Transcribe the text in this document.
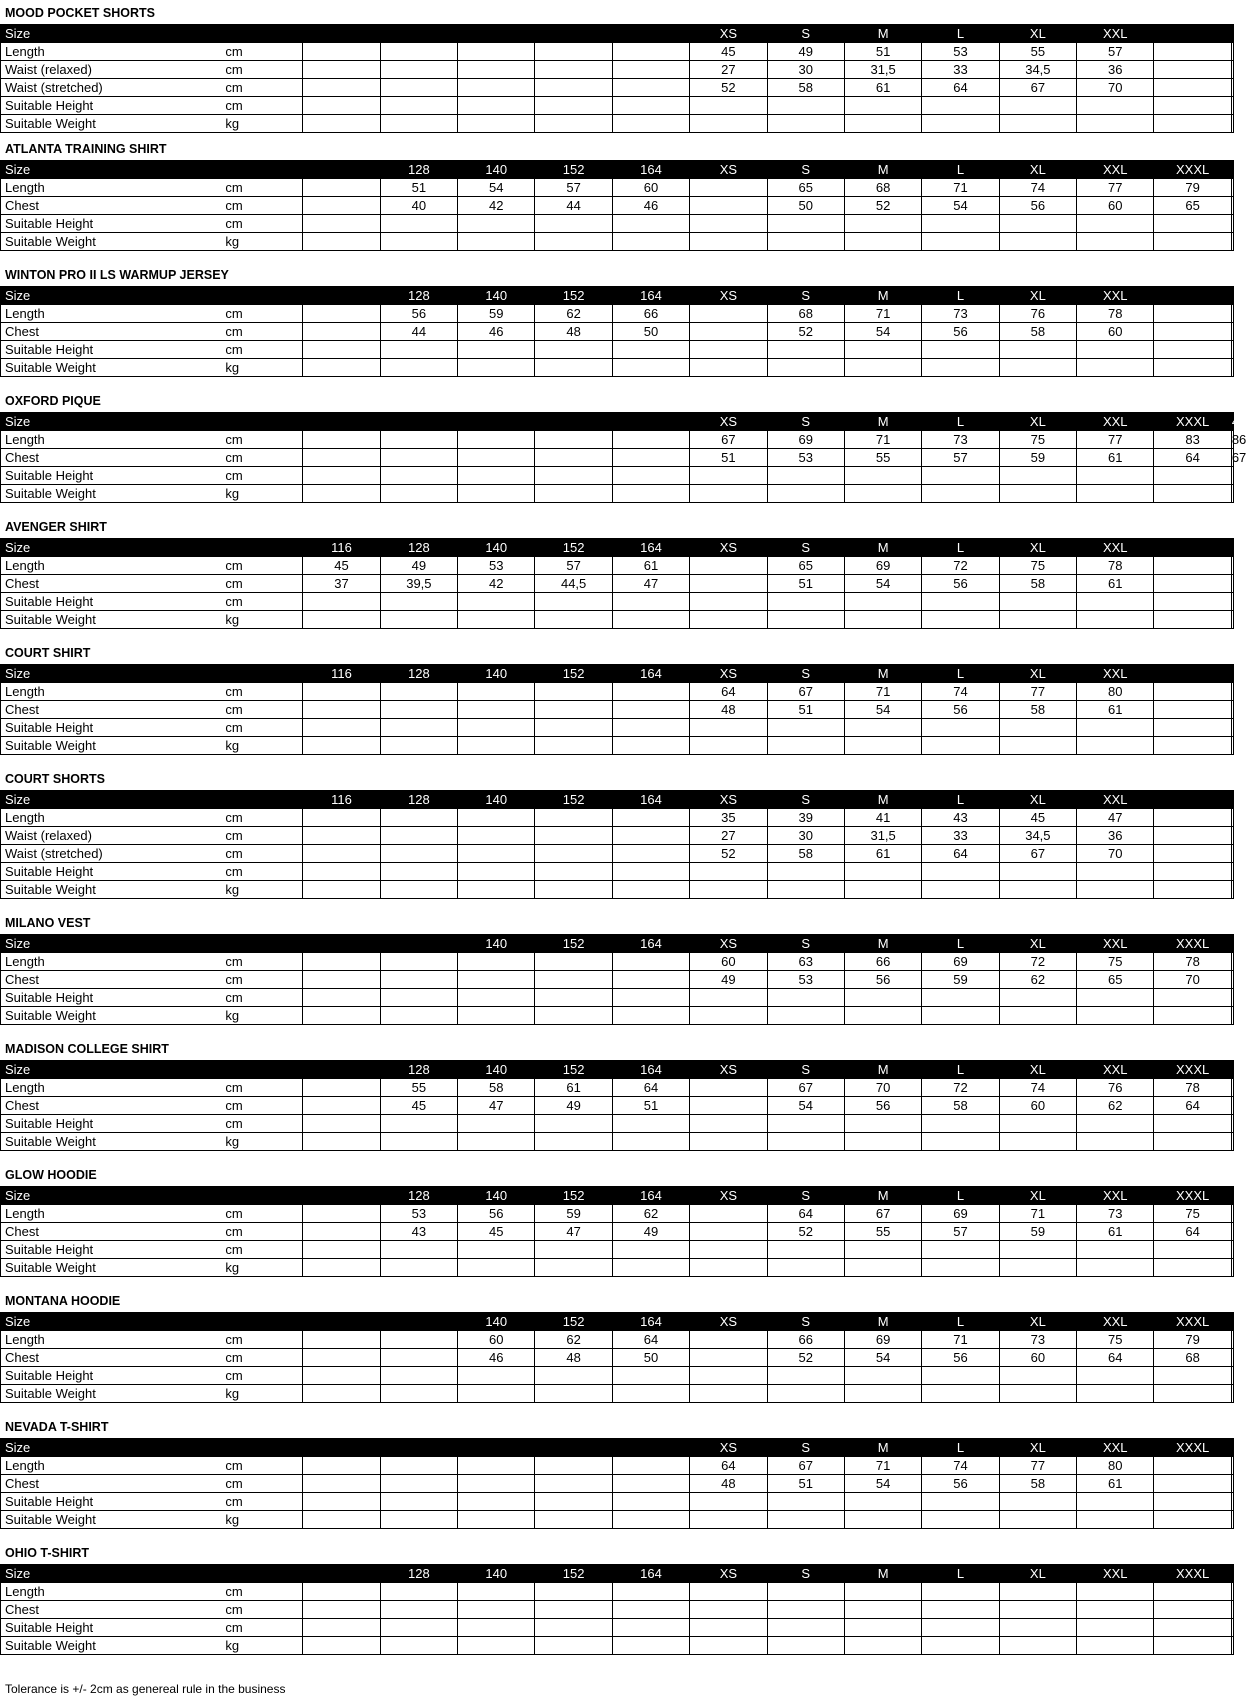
MOOD POCKET SHORTS
Size							XS	S	M	L	XL	XXL		
Length	cm						45	49	51	53	55	57		
Waist (relaxed)	cm						27	30	31,5	33	34,5	36		
Waist (stretched)	cm						52	58	61	64	67	70		
Suitable Height	cm													
Suitable Weight	kg													
ATLANTA TRAINING SHIRT
Size			128	140	152	164	XS	S	M	L	XL	XXL	XXXL	
Length	cm		51	54	57	60		65	68	71	74	77	79	
Chest	cm		40	42	44	46		50	52	54	56	60	65	
Suitable Height	cm													
Suitable Weight	kg													
WINTON PRO II LS WARMUP JERSEY
Size			128	140	152	164	XS	S	M	L	XL	XXL		
Length	cm		56	59	62	66		68	71	73	76	78		
Chest	cm		44	46	48	50		52	54	56	58	60		
Suitable Height	cm													
Suitable Weight	kg													
OXFORD PIQUE
Size							XS	S	M	L	XL	XXL	XXXL	4XL
Length	cm						67	69	71	73	75	77	83	86
Chest	cm						51	53	55	57	59	61	64	67
Suitable Height	cm													
Suitable Weight	kg													
AVENGER SHIRT
Size		116	128	140	152	164	XS	S	M	L	XL	XXL		
Length	cm	45	49	53	57	61		65	69	72	75	78		
Chest	cm	37	39,5	42	44,5	47		51	54	56	58	61		
Suitable Height	cm													
Suitable Weight	kg													
COURT SHIRT
Size		116	128	140	152	164	XS	S	M	L	XL	XXL		
Length	cm						64	67	71	74	77	80		
Chest	cm						48	51	54	56	58	61		
Suitable Height	cm													
Suitable Weight	kg													
COURT SHORTS
Size		116	128	140	152	164	XS	S	M	L	XL	XXL		
Length	cm						35	39	41	43	45	47		
Waist (relaxed)	cm						27	30	31,5	33	34,5	36		
Waist (stretched)	cm						52	58	61	64	67	70		
Suitable Height	cm													
Suitable Weight	kg													
MILANO VEST
Size				140	152	164	XS	S	M	L	XL	XXL	XXXL	
Length	cm						60	63	66	69	72	75	78	
Chest	cm						49	53	56	59	62	65	70	
Suitable Height	cm													
Suitable Weight	kg													
MADISON COLLEGE SHIRT
Size			128	140	152	164	XS	S	M	L	XL	XXL	XXXL	
Length	cm		55	58	61	64		67	70	72	74	76	78	
Chest	cm		45	47	49	51		54	56	58	60	62	64	
Suitable Height	cm													
Suitable Weight	kg													
GLOW HOODIE
Size			128	140	152	164	XS	S	M	L	XL	XXL	XXXL	
Length	cm		53	56	59	62		64	67	69	71	73	75	
Chest	cm		43	45	47	49		52	55	57	59	61	64	
Suitable Height	cm													
Suitable Weight	kg													
MONTANA HOODIE
Size				140	152	164	XS	S	M	L	XL	XXL	XXXL	
Length	cm			60	62	64		66	69	71	73	75	79	
Chest	cm			46	48	50		52	54	56	60	64	68	
Suitable Height	cm													
Suitable Weight	kg													
NEVADA T-SHIRT
Size							XS	S	M	L	XL	XXL	XXXL	
Length	cm						64	67	71	74	77	80		
Chest	cm						48	51	54	56	58	61		
Suitable Height	cm													
Suitable Weight	kg													
OHIO T-SHIRT
Size			128	140	152	164	XS	S	M	L	XL	XXL	XXXL	
Length	cm													
Chest	cm													
Suitable Height	cm													
Suitable Weight	kg													
Tolerance is +/- 2cm as genereal rule in the business
